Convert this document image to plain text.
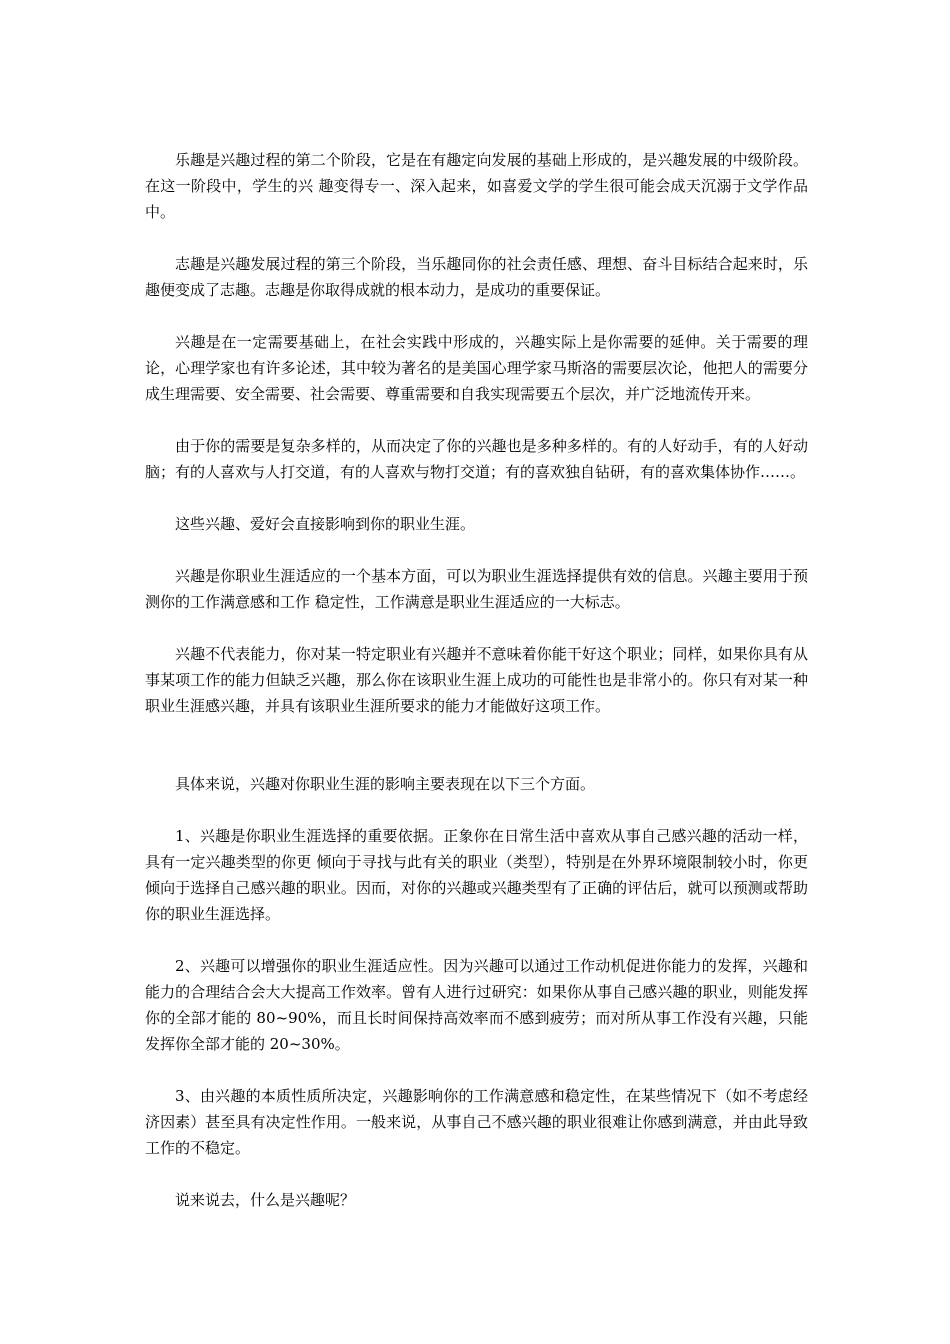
乐趣是兴趣过程的第二个阶段，它是在有趣定向发展的基础上形成的，是兴趣发展的中级阶段。在这一阶段中，学生的兴 趣变得专一、深入起来，如喜爱文学的学生很可能会成天沉溺于文学作品中。

志趣是兴趣发展过程的第三个阶段，当乐趣同你的社会责任感、理想、奋斗目标结合起来时，乐趣便变成了志趣。志趣是你取得成就的根本动力，是成功的重要保证。

兴趣是在一定需要基础上，在社会实践中形成的，兴趣实际上是你需要的延伸。关于需要的理论，心理学家也有许多论述，其中较为著名的是美国心理学家马斯洛的需要层次论，他把人的需要分成生理需要、安全需要、社会需要、尊重需要和自我实现需要五个层次，并广泛地流传开来。

由于你的需要是复杂多样的，从而决定了你的兴趣也是多种多样的。有的人好动手，有的人好动脑；有的人喜欢与人打交道，有的人喜欢与物打交道；有的喜欢独自钻研，有的喜欢集体协作……。

这些兴趣、爱好会直接影响到你的职业生涯。

兴趣是你职业生涯适应的一个基本方面，可以为职业生涯选择提供有效的信息。兴趣主要用于预测你的工作满意感和工作 稳定性，工作满意是职业生涯适应的一大标志。

兴趣不代表能力，你对某一特定职业有兴趣并不意味着你能干好这个职业；同样，如果你具有从事某项工作的能力但缺乏兴趣，那么你在该职业生涯上成功的可能性也是非常小的。你只有对某一种职业生涯感兴趣，并具有该职业生涯所要求的能力才能做好这项工作。

具体来说，兴趣对你职业生涯的影响主要表现在以下三个方面。

1、兴趣是你职业生涯选择的重要依据。正象你在日常生活中喜欢从事自己感兴趣的活动一样，具有一定兴趣类型的你更 倾向于寻找与此有关的职业（类型），特别是在外界环境限制较小时，你更倾向于选择自己感兴趣的职业。因而，对你的兴趣或兴趣类型有了正确的评估后，就可以预测或帮助你的职业生涯选择。

2、兴趣可以增强你的职业生涯适应性。因为兴趣可以通过工作动机促进你能力的发挥，兴趣和能力的合理结合会大大提高工作效率。曾有人进行过研究：如果你从事自己感兴趣的职业，则能发挥你的全部才能的 80~90%，而且长时间保持高效率而不感到疲劳；而对所从事工作没有兴趣，只能发挥你全部才能的 20~30%。

3、由兴趣的本质性质所决定，兴趣影响你的工作满意感和稳定性，在某些情况下（如不考虑经济因素）甚至具有决定性作用。一般来说，从事自己不感兴趣的职业很难让你感到满意，并由此导致工作的不稳定。

说来说去，什么是兴趣呢？
